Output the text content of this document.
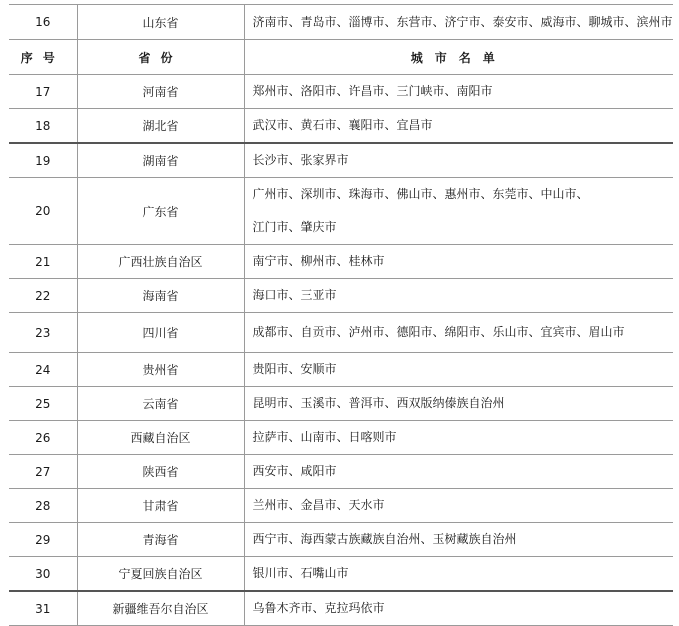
16	山东省	济南市、青岛市、淄博市、东营市、济宁市、泰安市、威海市、聊城市、滨州市

序号	省份	城市名单
17	河南省	郑州市、洛阳市、许昌市、三门峡市、南阳市

18	湖北省	武汉市、黄石市、襄阳市、宜昌市

19	湖南省	长沙市、张家界市

20	广东省	广州市、深圳市、珠海市、佛山市、惠州市、东莞市、中山市、
江门市、肇庆市

21	广西壮族自治区	南宁市、柳州市、桂林市

22	海南省	海口市、三亚市

23	四川省	成都市、自贡市、泸州市、德阳市、绵阳市、乐山市、宜宾市、眉山市

24	贵州省	贵阳市、安顺市

25	云南省	昆明市、玉溪市、普洱市、西双版纳傣族自治州

26	西藏自治区	拉萨市、山南市、日喀则市

27	陕西省	西安市、咸阳市

28	甘肃省	兰州市、金昌市、天水市

29	青海省	西宁市、海西蒙古族藏族自治州、玉树藏族自治州

30	宁夏回族自治区	银川市、石嘴山市

31	新疆维吾尔自治区	乌鲁木齐市、克拉玛依市
